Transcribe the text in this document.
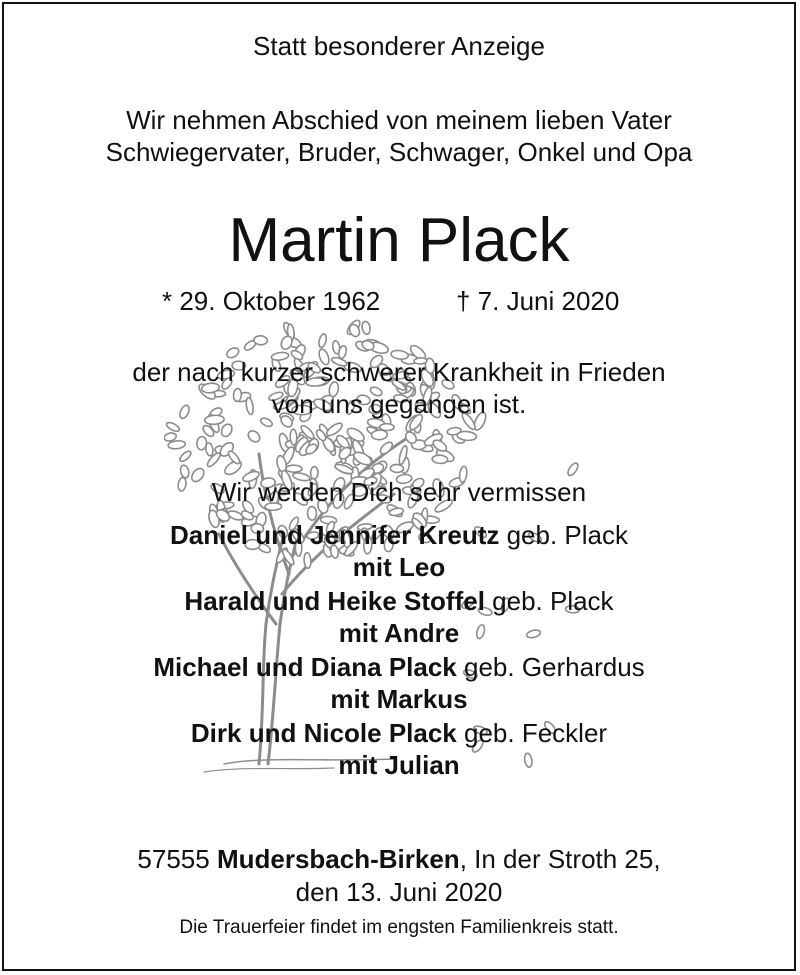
Statt besonderer Anzeige
Wir nehmen Abschied von meinem lieben Vater
Schwiegervater, Bruder, Schwager, Onkel und Opa
Martin Plack
* 29. Oktober 1962	† 7. Juni 2020
der nach kurzer schwerer Krankheit in Frieden
von uns gegangen ist.
Wir werden Dich sehr vermissen
Daniel und Jennifer Kreutz geb. Plack
mit Leo
Harald und Heike Stoffel geb. Plack
mit Andre
Michael und Diana Plack geb. Gerhardus
mit Markus
Dirk und Nicole Plack geb. Feckler
mit Julian
57555 Mudersbach-Birken, In der Stroth 25,
den 13. Juni 2020
Die Trauerfeier findet im engsten Familienkreis statt.
